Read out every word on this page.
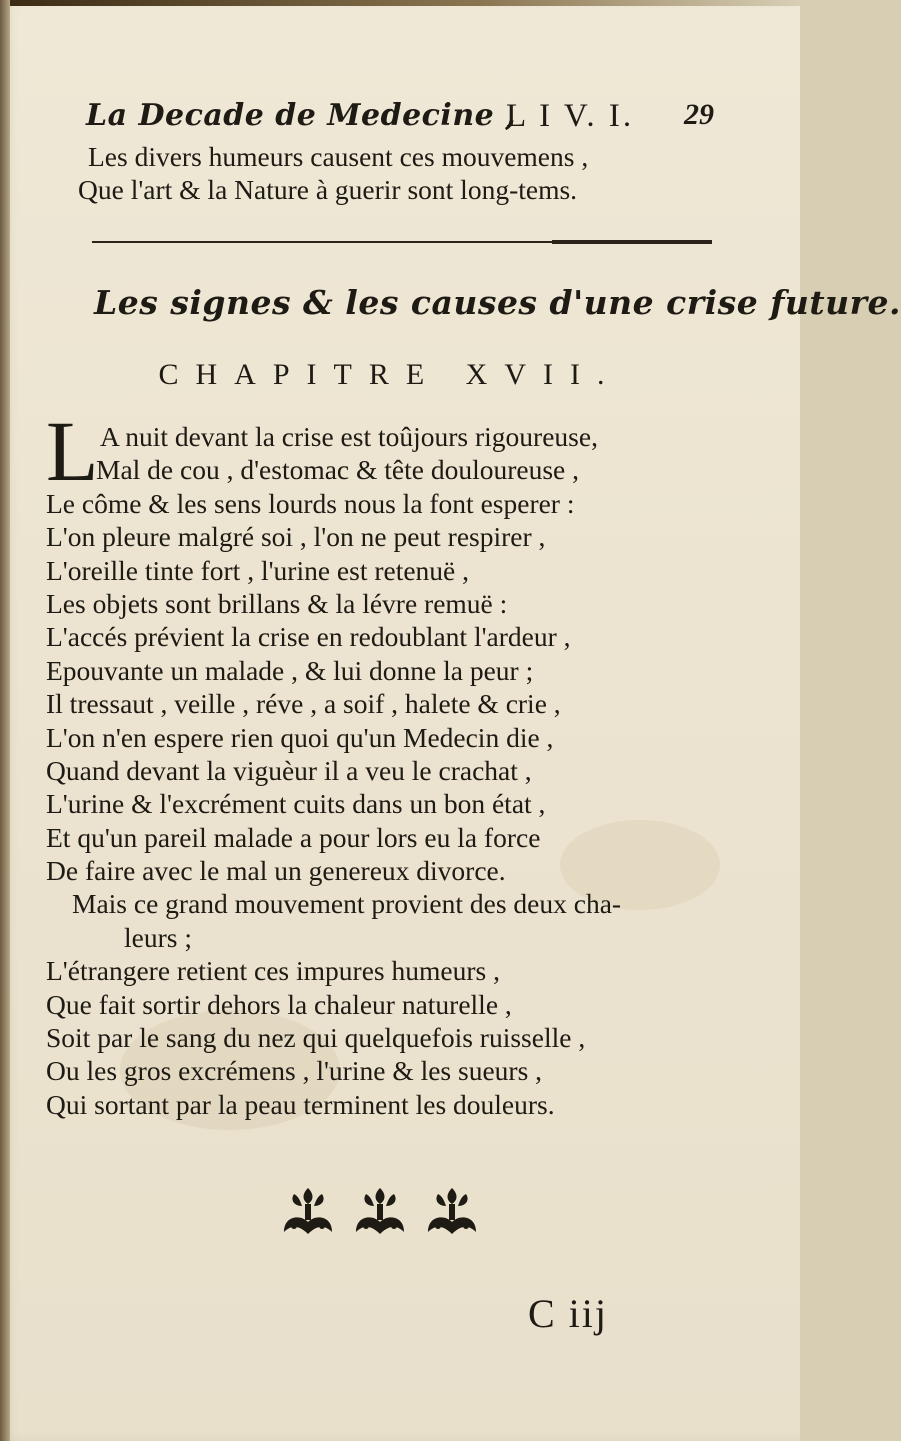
La Decade de Medecine ,
L I V. I. 29
Les divers humeurs causent ces mouvemens ,
Que l'art & la Nature à guerir sont long-tems.
Les signes & les causes d'une crise future.
CHAPITRE XVII.
L A nuit devant la crise est toûjours rigoureuse,
Mal de cou , d'estomac & tête douloureuse ,
Le côme & les sens lourds nous la font esperer :
L'on pleure malgré soi , l'on ne peut respirer ,
L'oreille tinte fort , l'urine est retenuë ,
Les objets sont brillans & la lévre remuë :
L'accés prévient la crise en redoublant l'ardeur ,
Epouvante un malade , & lui donne la peur ;
Il tressaut , veille , réve , a soif , halete & crie ,
L'on n'en espere rien quoi qu'un Medecin die ,
Quand devant la viguèur il a veu le crachat ,
L'urine & l'excrément cuits dans un bon état ,
Et qu'un pareil malade a pour lors eu la force
De faire avec le mal un genereux divorce.
Mais ce grand mouvement provient des deux cha-
leurs ;
L'étrangere retient ces impures humeurs ,
Que fait sortir dehors la chaleur naturelle ,
Soit par le sang du nez qui quelquefois ruisselle ,
Ou les gros excrémens , l'urine & les sueurs ,
Qui sortant par la peau terminent les douleurs.
C iij
